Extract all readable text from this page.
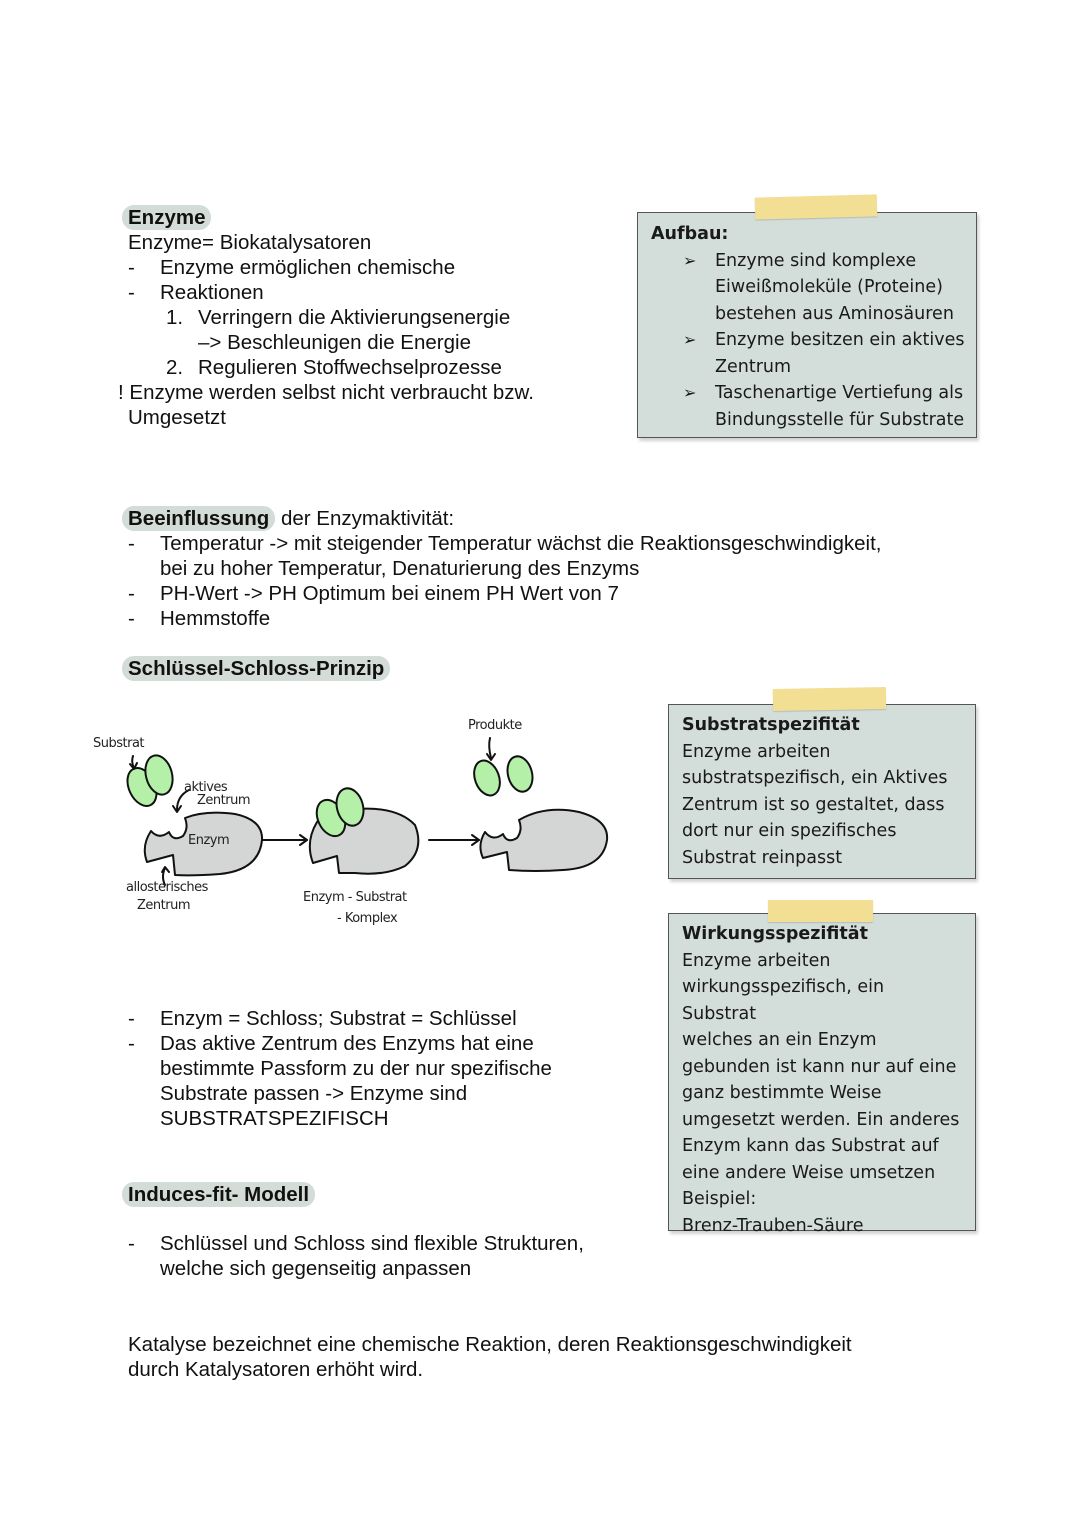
Enzyme
Enzyme= Biokatalysatoren
-	Enzyme ermöglichen chemische
-	Reaktionen
1. Verringern die Aktivierungsenergie
–> Beschleunigen die Energie
2. Regulieren Stoffwechselprozesse
! Enzyme werden selbst nicht verbraucht bzw.
Umgesetzt
Aufbau:
➢	Enzyme sind komplexe
Eiweißmoleküle (Proteine)
bestehen aus Aminosäuren
➢	Enzyme besitzen ein aktives
Zentrum
➢	Taschenartige Vertiefung als
Bindungsstelle für Substrate
Beeinflussung der Enzymaktivität:
-	Temperatur -> mit steigender Temperatur wächst die Reaktionsgeschwindigkeit,
bei zu hoher Temperatur, Denaturierung des Enzyms
-	PH-Wert -> PH Optimum bei einem PH Wert von 7
-	Hemmstoffe
Schlüssel-Schloss-Prinzip
Substrat
aktives
Zentrum
Enzym
allosterisches
Zentrum
Enzym - Substrat
- Komplex
Produkte	Substratspezifität
Enzyme arbeiten
substratspezifisch, ein Aktives
Zentrum ist so gestaltet, dass
dort nur ein spezifisches
Substrat reinpasst
Wirkungsspezifität
Enzyme arbeiten
wirkungsspezifisch, ein Substrat
welches an ein Enzym
gebunden ist kann nur auf eine
ganz bestimmte Weise
umgesetzt werden. Ein anderes
Enzym kann das Substrat auf
eine andere Weise umsetzen
Beispiel:
Brenz-Trauben-Säure
-	Enzym = Schloss; Substrat = Schlüssel
-	Das aktive Zentrum des Enzyms hat eine
bestimmte Passform zu der nur spezifische
Substrate passen -> Enzyme sind
SUBSTRATSPEZIFISCH
Induces-fit- Modell
-	Schlüssel und Schloss sind flexible Strukturen,
welche sich gegenseitig anpassen
Katalyse bezeichnet eine chemische Reaktion, deren Reaktionsgeschwindigkeit
durch Katalysatoren erhöht wird.
